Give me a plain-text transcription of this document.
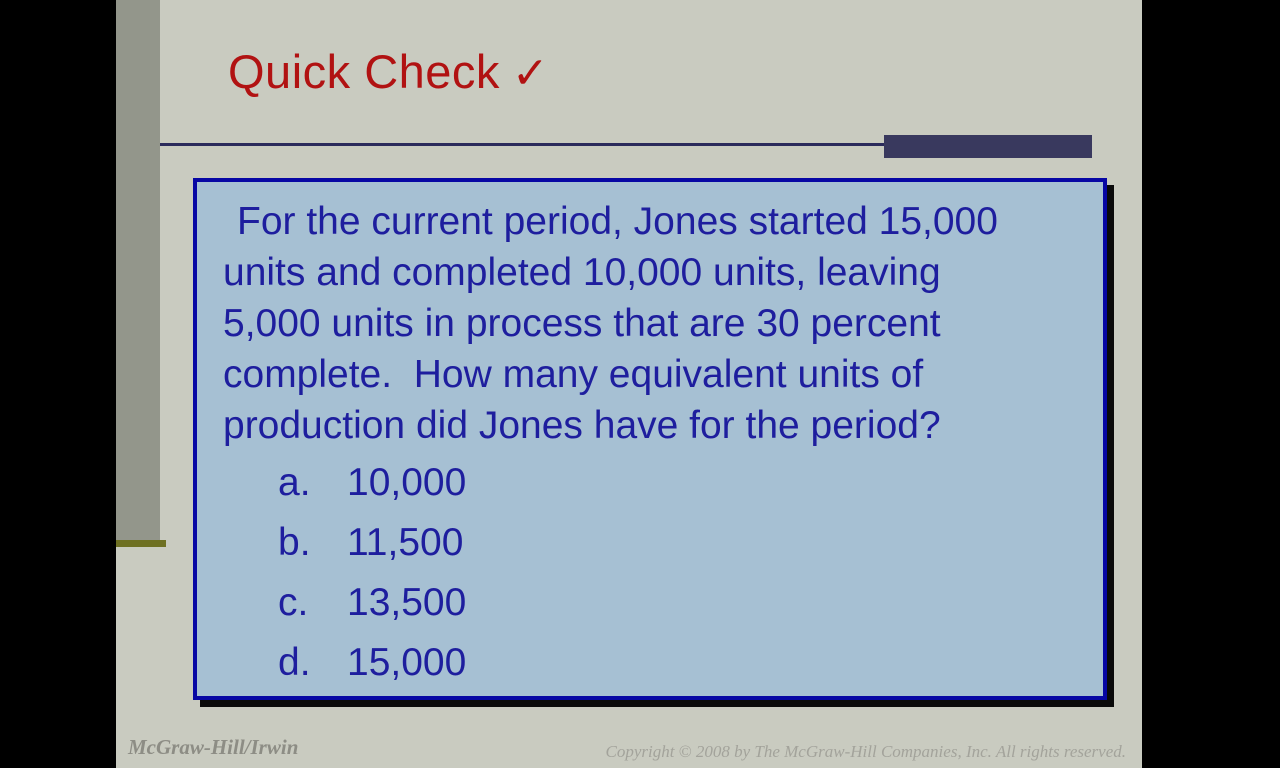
Quick Check ✓
For the current period, Jones started 15,000
units and completed 10,000 units, leaving
5,000 units in process that are 30 percent
complete.  How many equivalent units of
production did Jones have for the period?
a. 10,000
b. 11,500
c. 13,500
d. 15,000
McGraw-Hill/Irwin	Copyright © 2008 by The McGraw-Hill Companies, Inc. All rights reserved.
